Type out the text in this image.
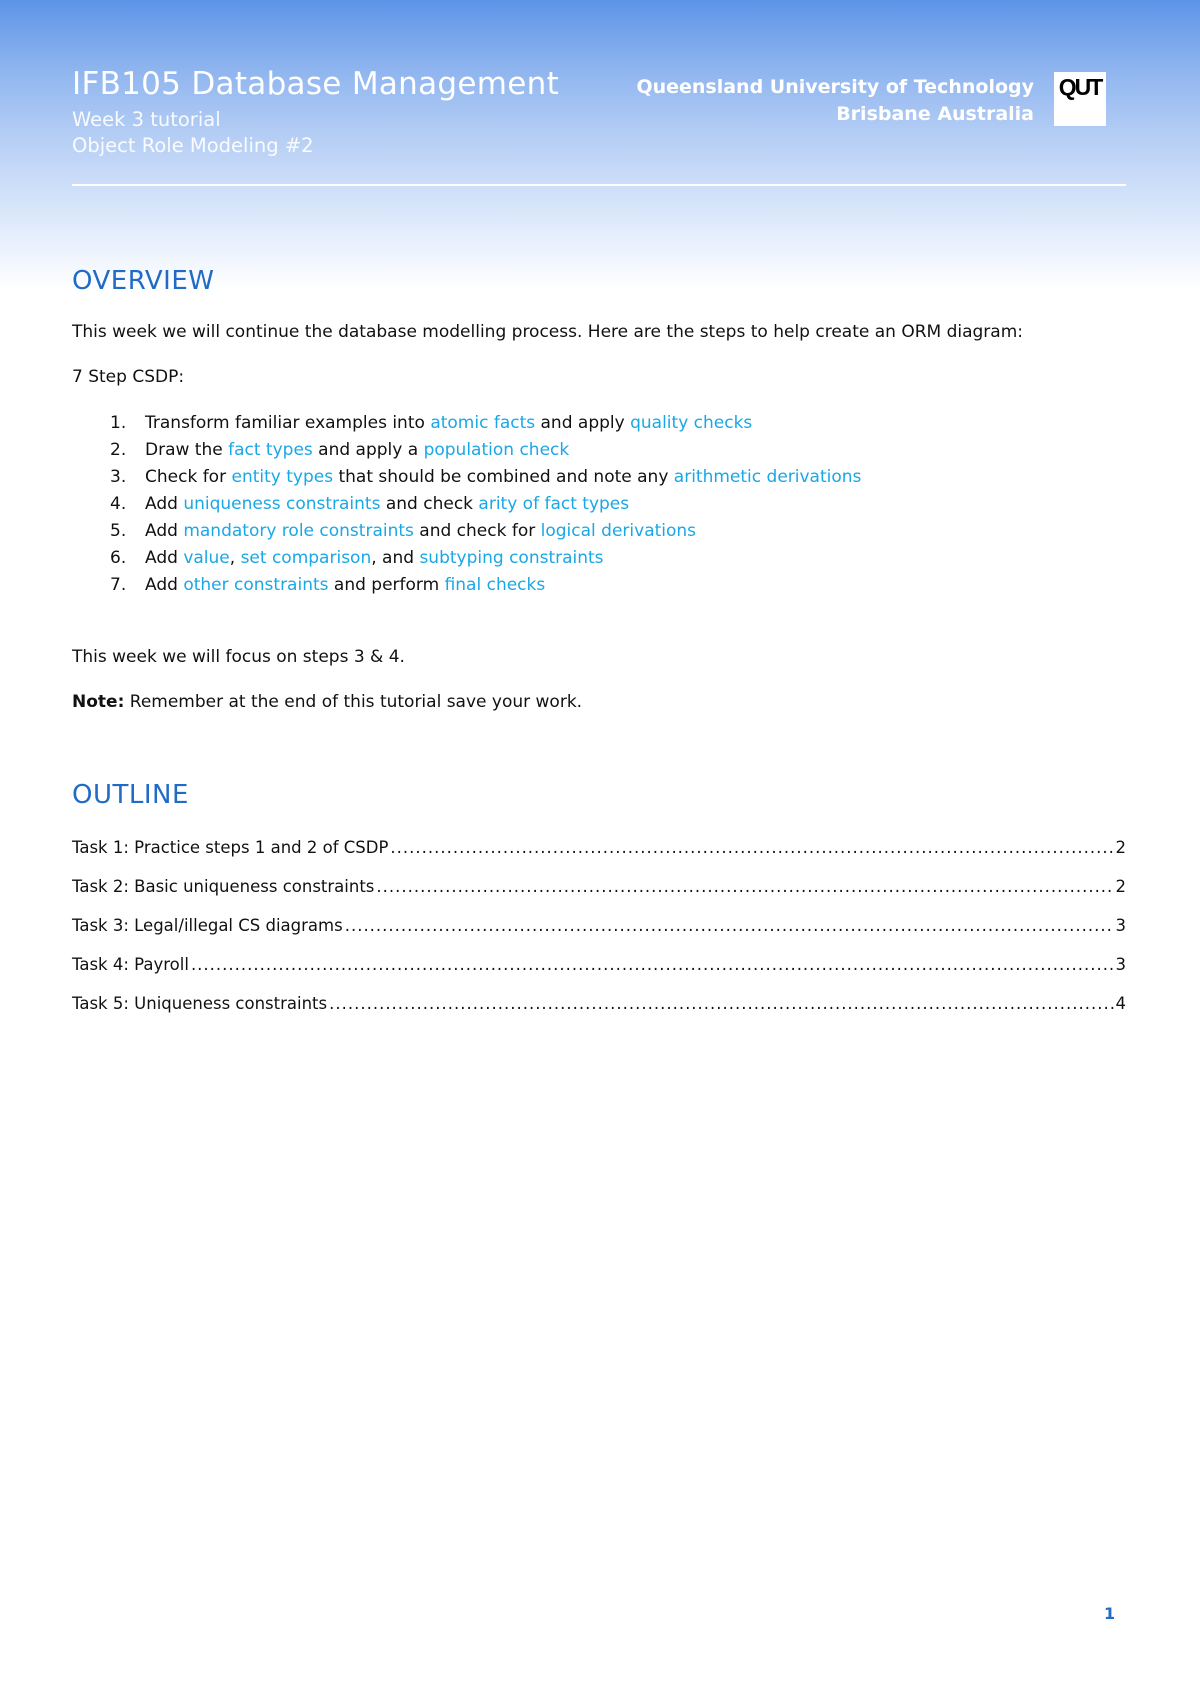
IFB105 Database Management
Week 3 tutorial
Object Role Modeling #2
Queensland University of Technology
Brisbane Australia
QUT
OVERVIEW
This week we will continue the database modelling process. Here are the steps to help create an ORM diagram:
7 Step CSDP:
1. Transform familiar examples into atomic facts and apply quality checks
2. Draw the fact types and apply a population check
3. Check for entity types that should be combined and note any arithmetic derivations
4. Add uniqueness constraints and check arity of fact types
5. Add mandatory role constraints and check for logical derivations
6. Add value, set comparison, and subtyping constraints
7. Add other constraints and perform final checks
This week we will focus on steps 3 & 4.
Note: Remember at the end of this tutorial save your work.
OUTLINE
Task 1: Practice steps 1 and 2 of CSDP .....	2
Task 2: Basic uniqueness constraints .....	2
Task 3: Legal/illegal CS diagrams .....	3
Task 4: Payroll .....	3
Task 5: Uniqueness constraints .....	4
1
